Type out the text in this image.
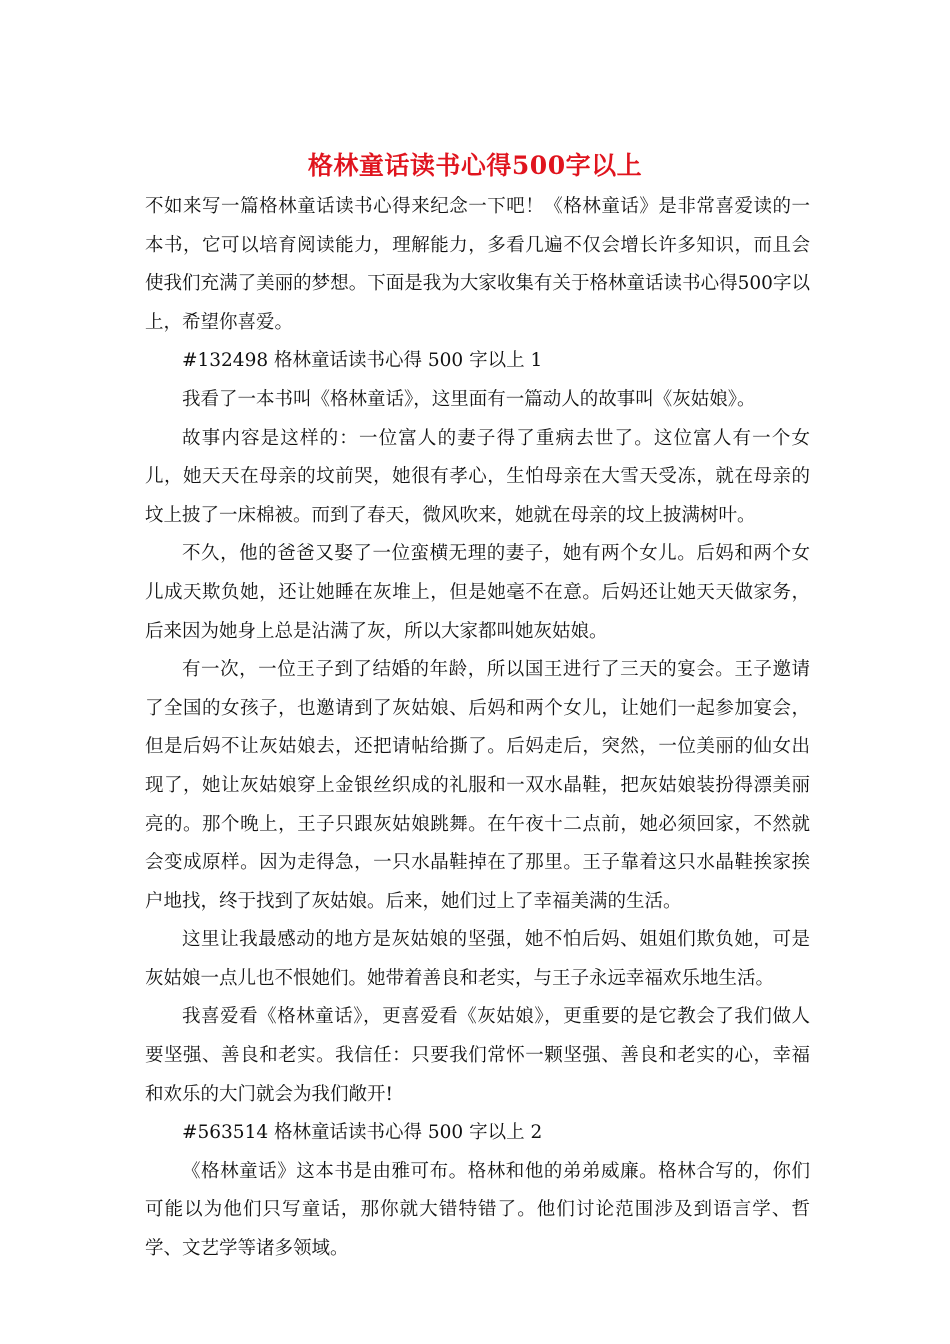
格林童话读书心得500字以上

不如来写一篇格林童话读书心得来纪念一下吧！《格林童话》是非常喜爱读的一本书，它可以培育阅读能力，理解能力，多看几遍不仅会增长许多知识，而且会使我们充满了美丽的梦想。下面是我为大家收集有关于格林童话读书心得500字以上，希望你喜爱。

#132498 格林童话读书心得 500 字以上 1

我看了一本书叫《格林童话》，这里面有一篇动人的故事叫《灰姑娘》。

故事内容是这样的：一位富人的妻子得了重病去世了。这位富人有一个女儿，她天天在母亲的坟前哭，她很有孝心，生怕母亲在大雪天受冻，就在母亲的坟上披了一床棉被。而到了春天，微风吹来，她就在母亲的坟上披满树叶。

不久，他的爸爸又娶了一位蛮横无理的妻子，她有两个女儿。后妈和两个女儿成天欺负她，还让她睡在灰堆上，但是她毫不在意。后妈还让她天天做家务，后来因为她身上总是沾满了灰，所以大家都叫她灰姑娘。

有一次，一位王子到了结婚的年龄，所以国王进行了三天的宴会。王子邀请了全国的女孩子，也邀请到了灰姑娘、后妈和两个女儿，让她们一起参加宴会，但是后妈不让灰姑娘去，还把请帖给撕了。后妈走后，突然，一位美丽的仙女出现了，她让灰姑娘穿上金银丝织成的礼服和一双水晶鞋，把灰姑娘装扮得漂美丽亮的。那个晚上，王子只跟灰姑娘跳舞。在午夜十二点前，她必须回家，不然就会变成原样。因为走得急，一只水晶鞋掉在了那里。王子靠着这只水晶鞋挨家挨户地找，终于找到了灰姑娘。后来，她们过上了幸福美满的生活。

这里让我最感动的地方是灰姑娘的坚强，她不怕后妈、姐姐们欺负她，可是灰姑娘一点儿也不恨她们。她带着善良和老实，与王子永远幸福欢乐地生活。

我喜爱看《格林童话》，更喜爱看《灰姑娘》，更重要的是它教会了我们做人要坚强、善良和老实。我信任：只要我们常怀一颗坚强、善良和老实的心，幸福和欢乐的大门就会为我们敞开!

#563514 格林童话读书心得 500 字以上 2

《格林童话》这本书是由雅可布。格林和他的弟弟威廉。格林合写的，你们可能以为他们只写童话，那你就大错特错了。他们讨论范围涉及到语言学、哲学、文艺学等诸多领域。
